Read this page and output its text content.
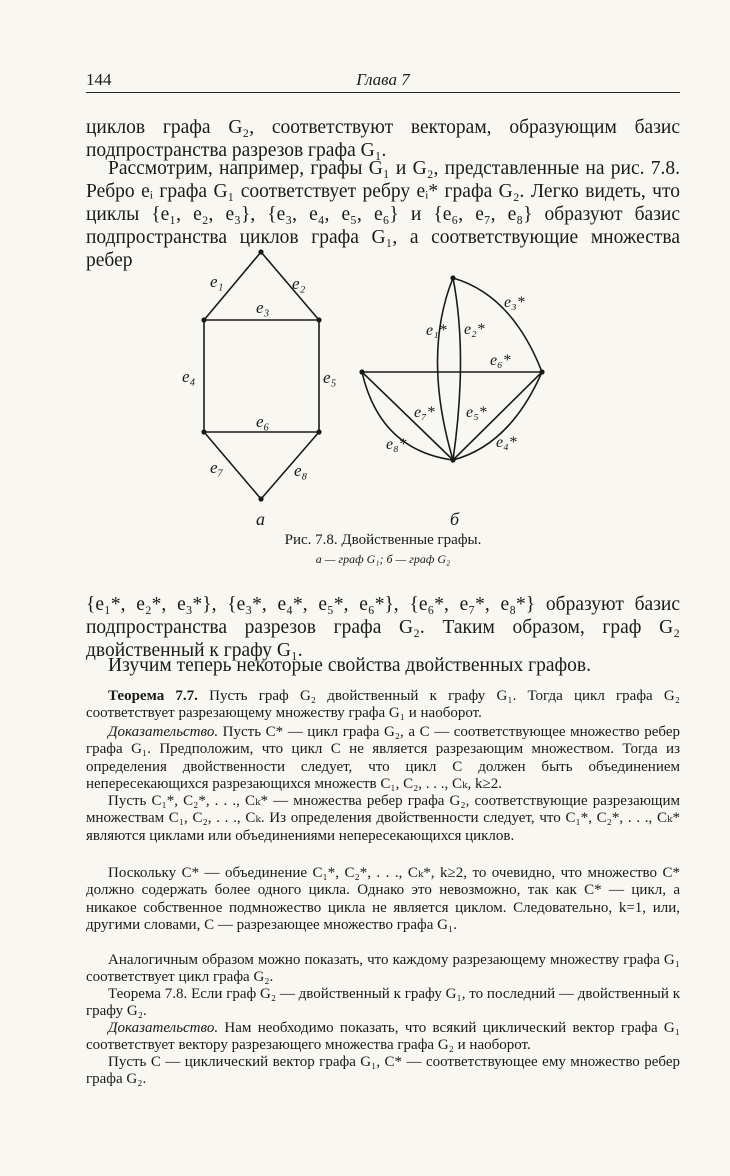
144	Глава 7

циклов графа G₂, соответствуют векторам, образующим базис подпространства разрезов графа G₁.

Рассмотрим, например, графы G₁ и G₂, представленные на рис. 7.8. Ребро eᵢ графа G₁ соответствует ребру eᵢ* графа G₂. Легко видеть, что циклы {e₁, e₂, e₃}, {e₃, e₄, e₅, e₆} и {e₆, e₇, e₈} образуют базис подпространства циклов графа G₁, а соответствующие множества ребер

e₁	e₂
e₃
e₄	e₅
e₆
e₇	e₈
e₁* e₂*
e₃*
e₄*
e₅*
e₆*
e₇*
e₈*
а	б
Рис. 7.8. Двойственные графы.
а — граф G₁; б — граф G₂

{e₁*, e₂*, e₃*}, {e₃*, e₄*, e₅*, e₆*}, {e₆*, e₇*, e₈*} образуют базис подпространства разрезов графа G₂. Таким образом, граф G₂ двойственный к графу G₁.

Изучим теперь некоторые свойства двойственных графов.

Теорема 7.7. Пусть граф G₂ двойственный к графу G₁. Тогда цикл графа G₂ соответствует разрезающему множеству графа G₁ и наоборот.

Доказательство. Пусть C* — цикл графа G₂, а C — соответствующее множество ребер графа G₁. Предположим, что цикл C не является разрезающим множеством. Тогда из определения двойственности следует, что цикл C должен быть объединением непересекающихся разрезающихся множеств C₁, C₂, . . ., Cₖ, k≥2.

Пусть C₁*, C₂*, . . ., Cₖ* — множества ребер графа G₂, соответствующие разрезающим множествам C₁, C₂, . . ., Cₖ. Из определения двойственности следует, что C₁*, C₂*, . . ., Cₖ* являются циклами или объединениями непересекающихся циклов.

Поскольку C* — объединение C₁*, C₂*, . . ., Cₖ*, k≥2, то очевидно, что множество C* должно содержать более одного цикла. Однако это невозможно, так как C* — цикл, а никакое собственное подмножество цикла не является циклом. Следовательно, k=1, или, другими словами, C — разрезающее множество графа G₁.

Аналогичным образом можно показать, что каждому разрезающему множеству графа G₁ соответствует цикл графа G₂.

Теорема 7.8. Если граф G₂ — двойственный к графу G₁, то последний — двойственный к графу G₂.

Доказательство. Нам необходимо показать, что всякий циклический вектор графа G₁ соответствует вектору разрезающего множества графа G₂ и наоборот.

Пусть C — циклический вектор графа G₁, C* — соответствующее ему множество ребер графа G₂.
